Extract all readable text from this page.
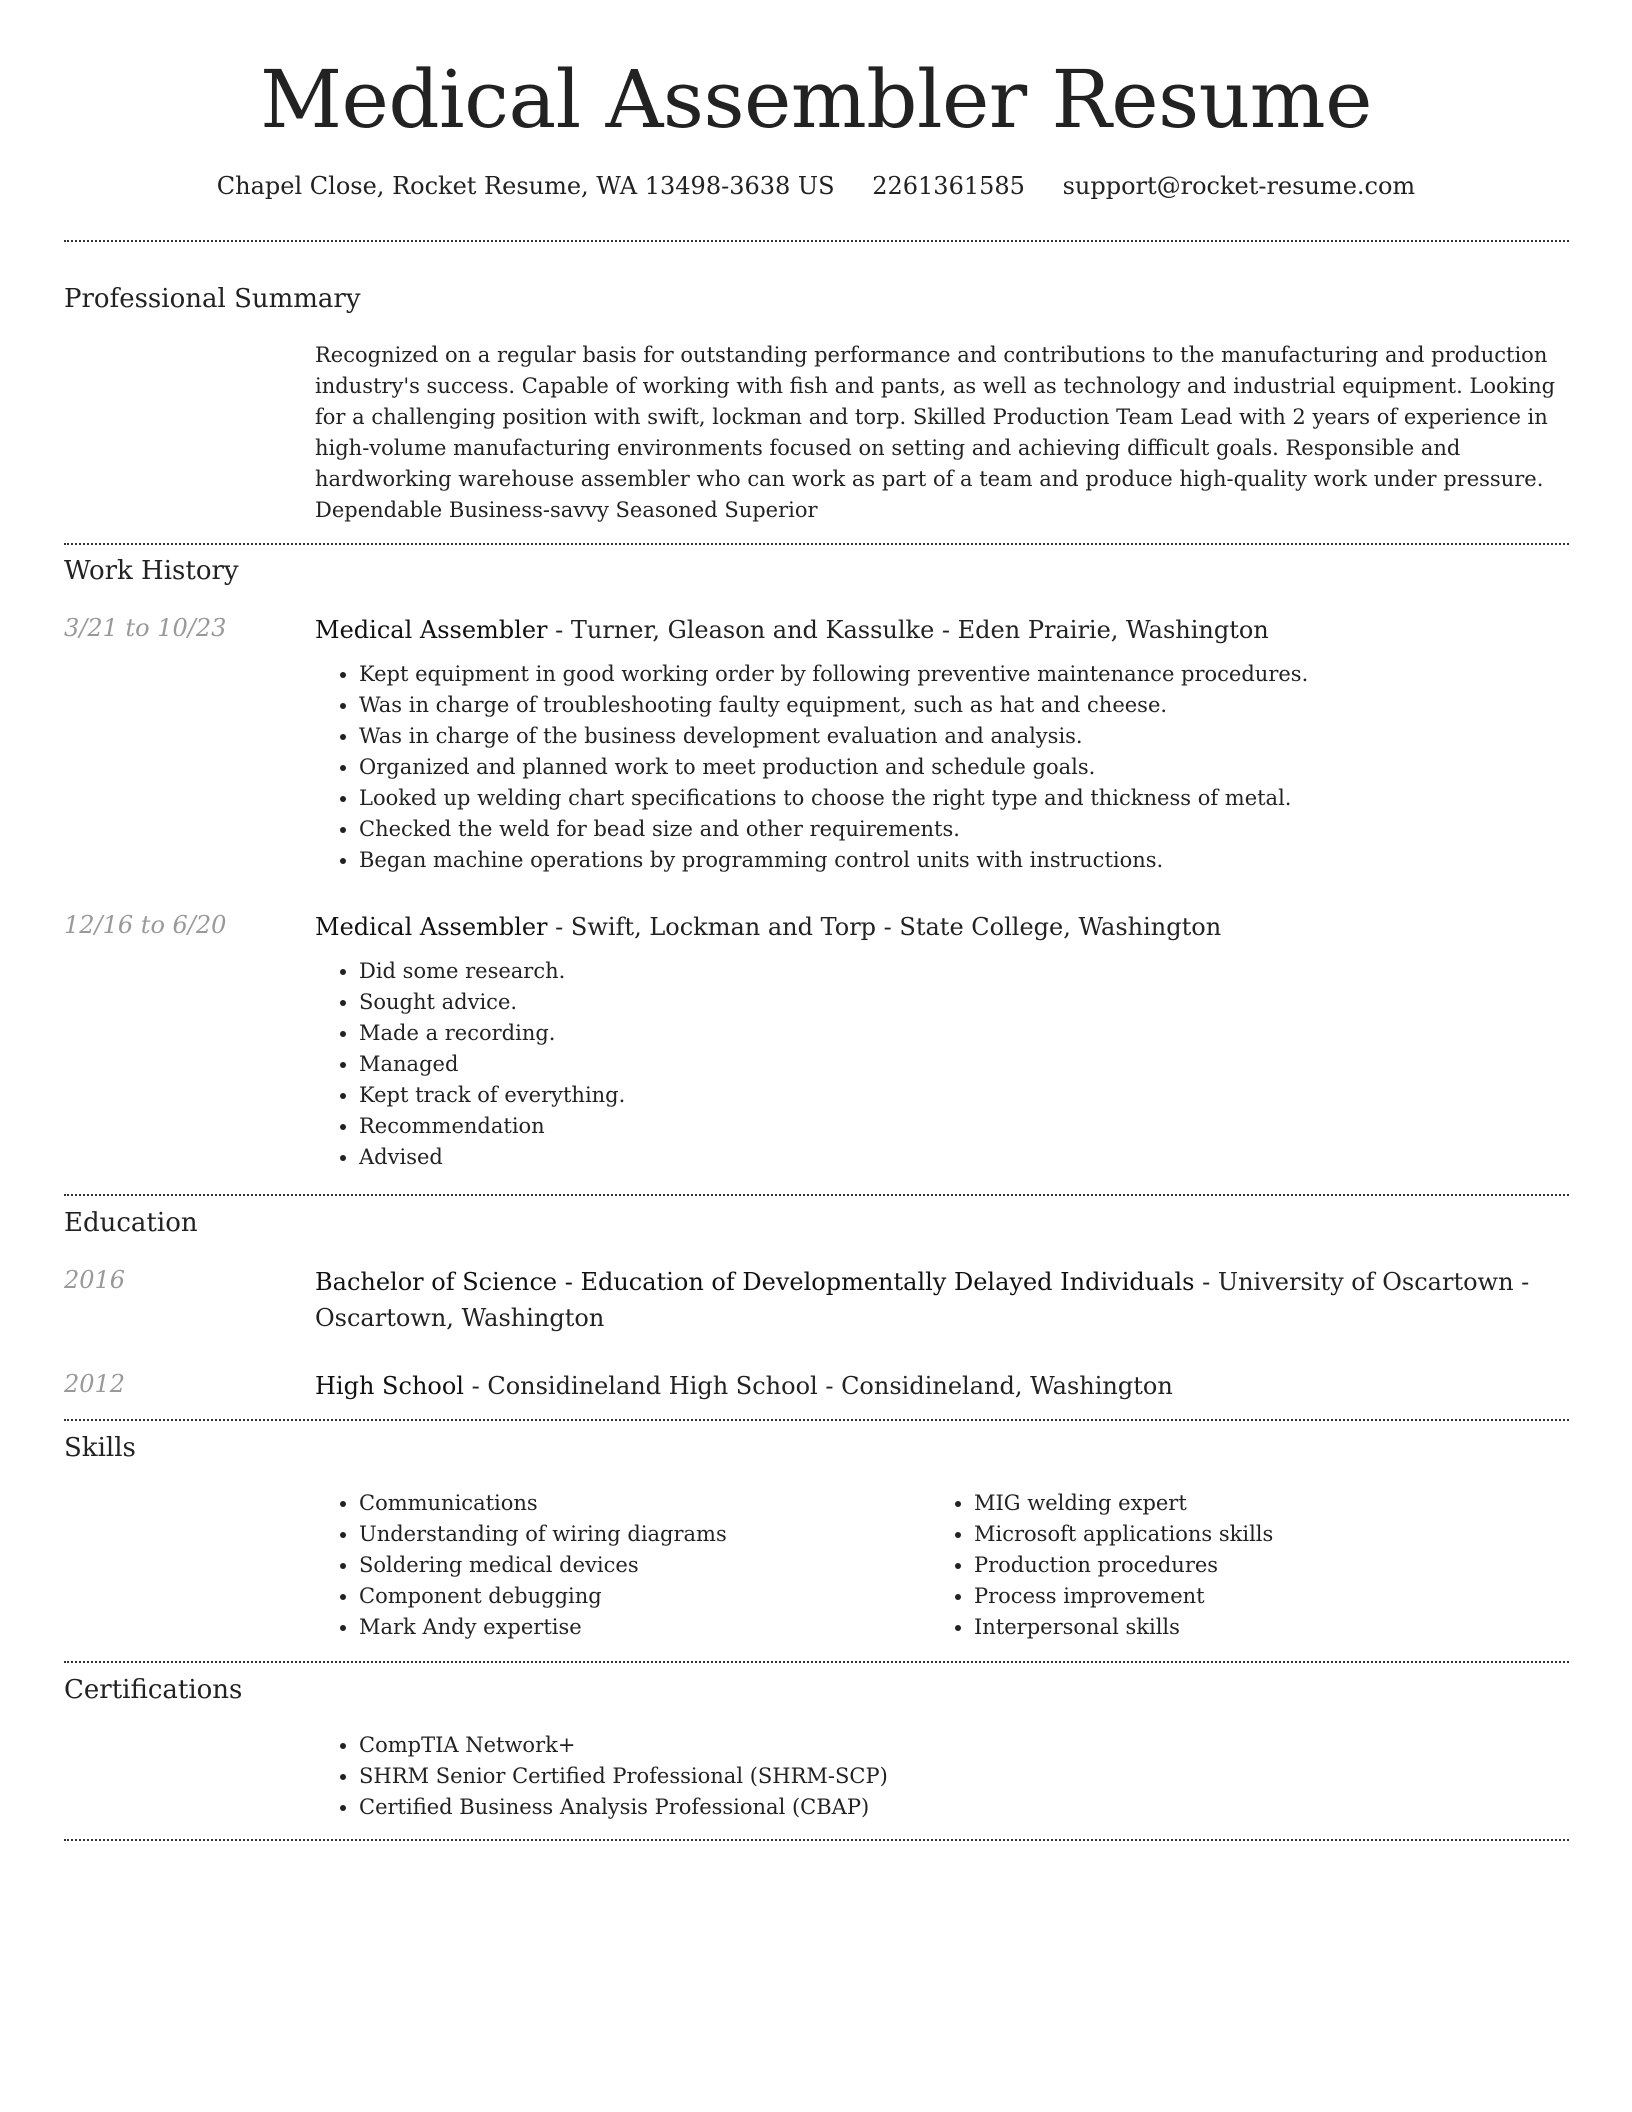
Medical Assembler Resume
Chapel Close, Rocket Resume, WA 13498-3638 US 2261361585 support@rocket-resume.com
Professional Summary

Recognized on a regular basis for outstanding performance and contributions to the manufacturing and production industry's success. Capable of working with fish and pants, as well as technology and industrial equipment. Looking for a challenging position with swift, lockman and torp. Skilled Production Team Lead with 2 years of experience in high-volume manufacturing environments focused on setting and achieving difficult goals. Responsible and hardworking warehouse assembler who can work as part of a team and produce high-quality work under pressure. Dependable Business-savvy Seasoned Superior

Work History
3/21 to 10/23	Medical Assembler - Turner, Gleason and Kassulke - Eden Prairie, Washington
• Kept equipment in good working order by following preventive maintenance procedures.
• Was in charge of troubleshooting faulty equipment, such as hat and cheese.
• Was in charge of the business development evaluation and analysis.
• Organized and planned work to meet production and schedule goals.
• Looked up welding chart specifications to choose the right type and thickness of metal.
• Checked the weld for bead size and other requirements.
• Began machine operations by programming control units with instructions.
12/16 to 6/20	Medical Assembler - Swift, Lockman and Torp - State College, Washington
• Did some research.
• Sought advice.
• Made a recording.
• Managed
• Kept track of everything.
• Recommendation
• Advised
Education
2016	Bachelor of Science - Education of Developmentally Delayed Individuals - University of Oscartown - Oscartown, Washington
2012	High School - Considineland High School - Considineland, Washington
Skills
• Communications
• Understanding of wiring diagrams
• Soldering medical devices
• Component debugging
• Mark Andy expertise
• MIG welding expert
• Microsoft applications skills
• Production procedures
• Process improvement
• Interpersonal skills
Certifications
• CompTIA Network+
• SHRM Senior Certified Professional (SHRM-SCP)
• Certified Business Analysis Professional (CBAP)
